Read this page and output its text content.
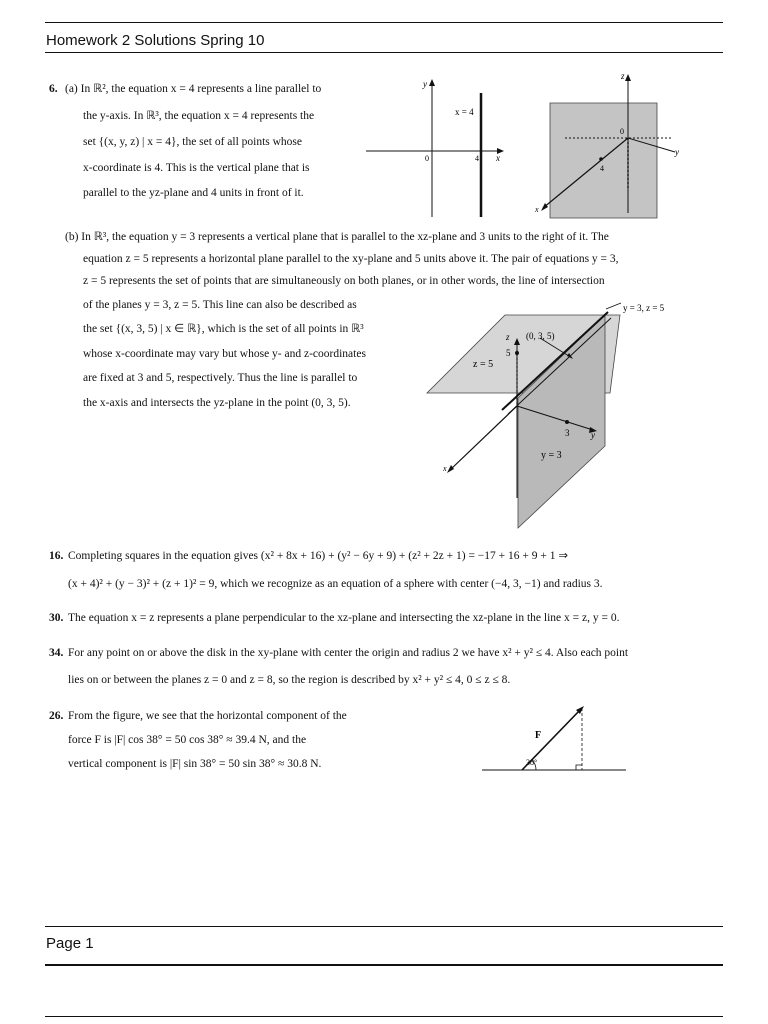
Homework 2 Solutions Spring 10
6. (a) In ℝ², the equation x = 4 represents a line parallel to
the y-axis. In ℝ³, the equation x = 4 represents the
set {(x, y, z) | x = 4}, the set of all points whose
x-coordinate is 4. This is the vertical plane that is
parallel to the yz-plane and 4 units in front of it.
y
x
0	4
x = 4
z
y
x
0
4
(b) In ℝ³, the equation y = 3 represents a vertical plane that is parallel to the xz-plane and 3 units to the right of it. The
equation z = 5 represents a horizontal plane parallel to the xy-plane and 5 units above it. The pair of equations y = 3,
z = 5 represents the set of points that are simultaneously on both planes, or in other words, the line of intersection
of the planes y = 3, z = 5. This line can also be described as
the set {(x, 3, 5) | x ∈ ℝ}, which is the set of all points in ℝ³
whose x-coordinate may vary but whose y- and z-coordinates
are fixed at 3 and 5, respectively. Thus the line is parallel to
the x-axis and intersects the yz-plane in the point (0, 3, 5).
z
y
x
y = 3, z = 5
(0, 3, 5)
5
3
z = 5
y = 3
16. Completing squares in the equation gives (x² + 8x + 16) + (y² − 6y + 9) + (z² + 2z + 1) = −17 + 16 + 9 + 1 ⇒
(x + 4)² + (y − 3)² + (z + 1)² = 9, which we recognize as an equation of a sphere with center (−4, 3, −1) and radius 3.
30. The equation x = z represents a plane perpendicular to the xz-plane and intersecting the xz-plane in the line x = z, y = 0.
34. For any point on or above the disk in the xy-plane with center the origin and radius 2 we have x² + y² ≤ 4. Also each point
lies on or between the planes z = 0 and z = 8, so the region is described by x² + y² ≤ 4, 0 ≤ z ≤ 8.
26. From the figure, we see that the horizontal component of the
force F is |F| cos 38° = 50 cos 38° ≈ 39.4 N, and the
vertical component is |F| sin 38° = 50 sin 38° ≈ 30.8 N.
F
38°
Page 1
